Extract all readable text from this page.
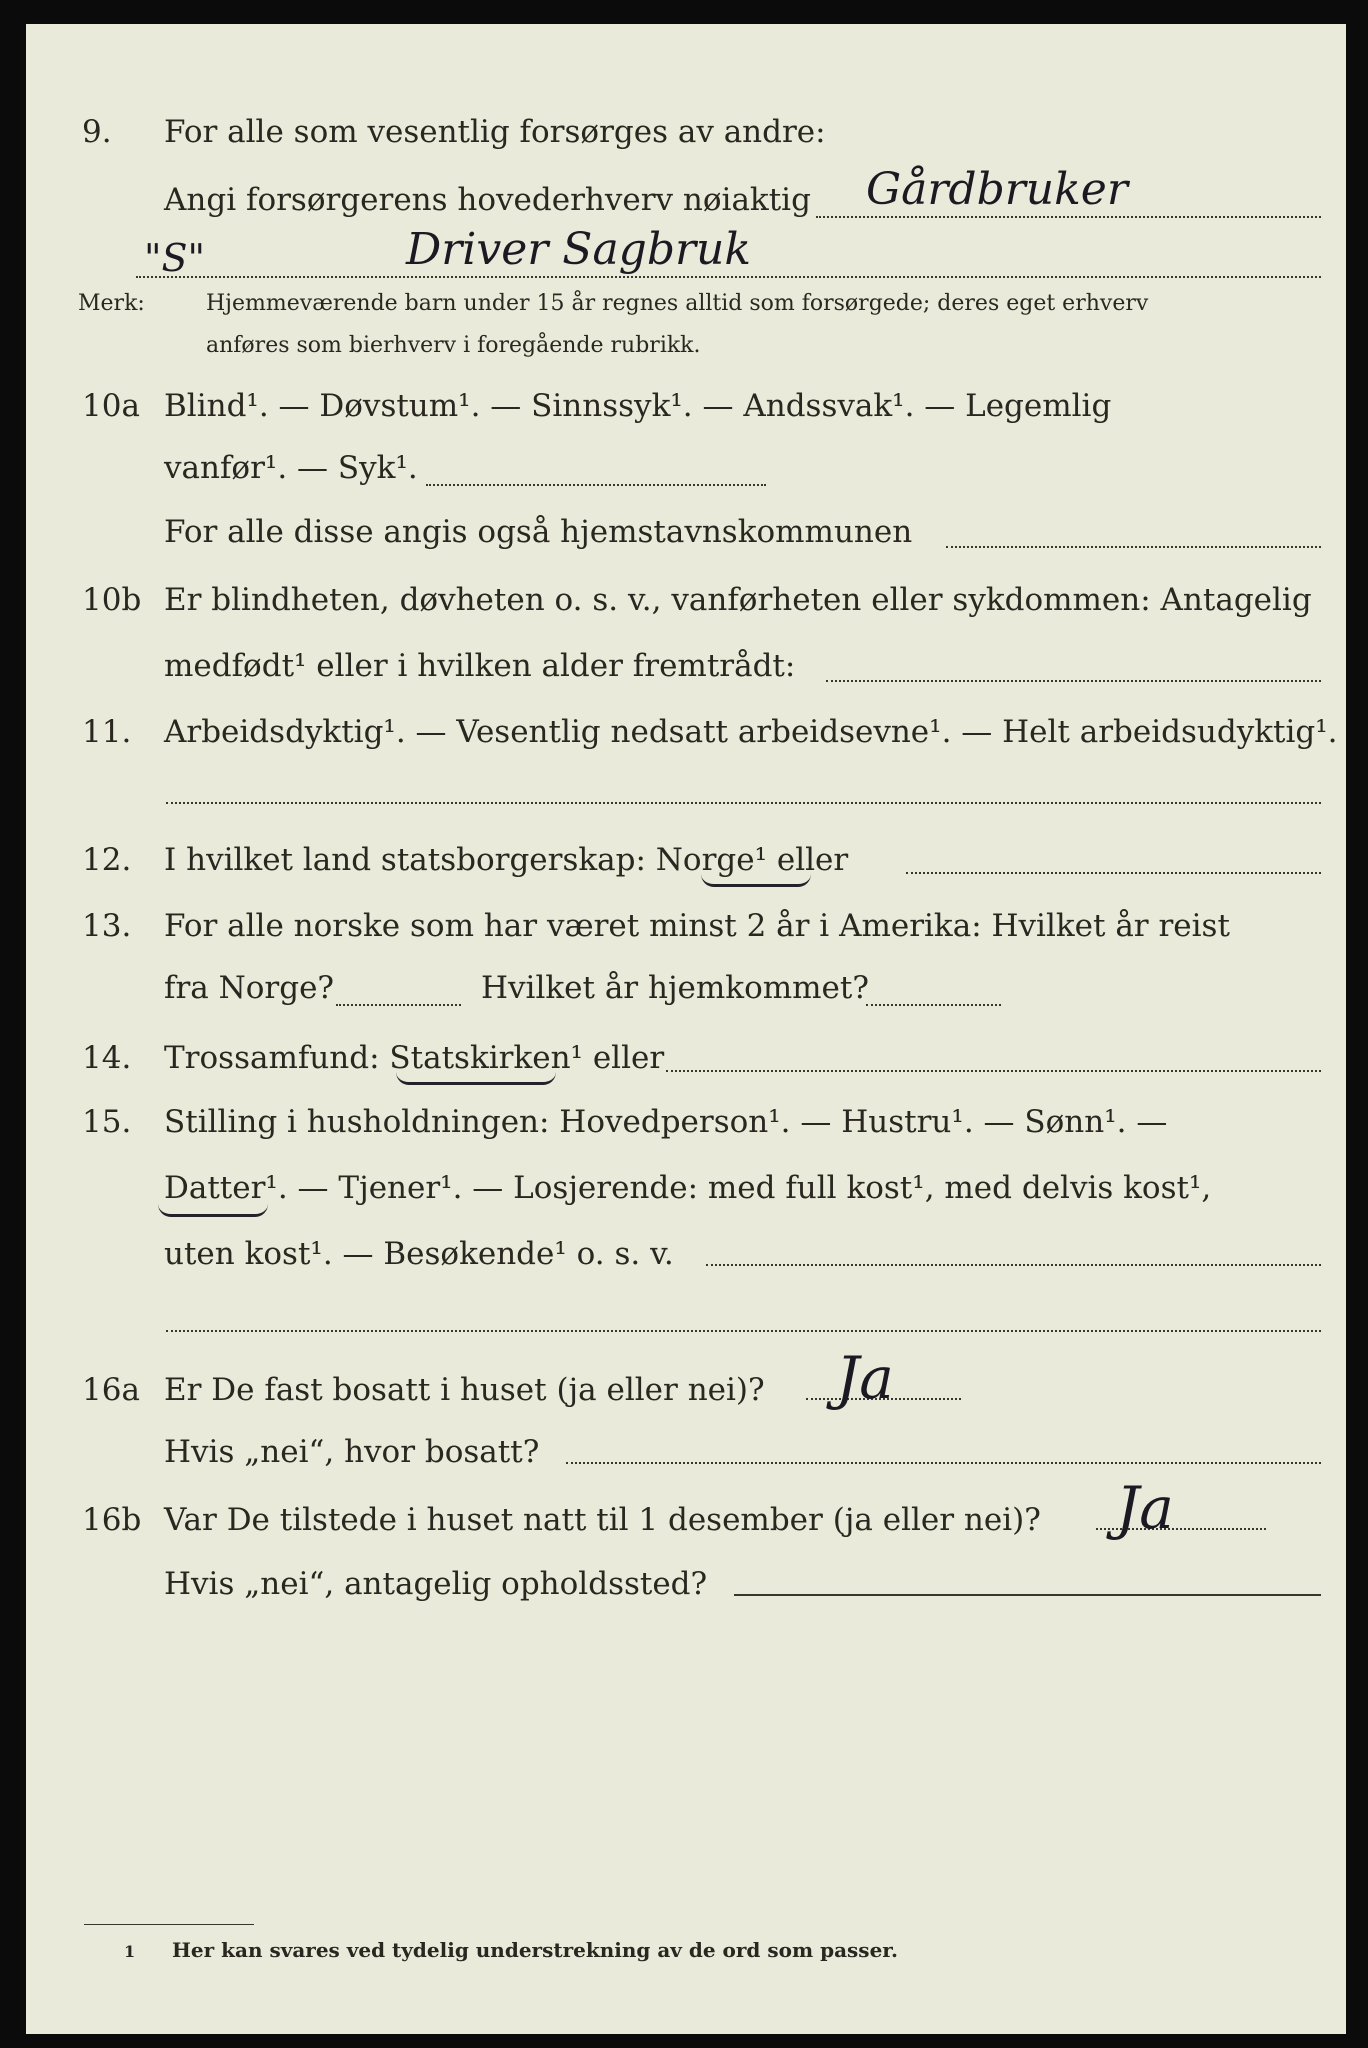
9. For alle som vesentlig forsørges av andre:
Angi forsørgerens hovederhverv nøiaktig Gårdbruker
"S"	Driver Sagbruk
Merk:	Hjemmeværende barn under 15 år regnes alltid som forsørgede; deres eget erhverv
anføres som bierhverv i foregående rubrikk.
10a Blind¹. — Døvstum¹. — Sinnssyk¹. — Andssvak¹. — Legemlig
vanfør¹. — Syk¹.
For alle disse angis også hjemstavnskommunen
10b Er blindheten, døvheten o. s. v., vanførheten eller sykdommen: Antagelig
medfødt¹ eller i hvilken alder fremtrådt:
11. Arbeidsdyktig¹. — Vesentlig nedsatt arbeidsevne¹. — Helt arbeidsudyktig¹.
12. I hvilket land statsborgerskap: Norge¹ eller
13. For alle norske som har været minst 2 år i Amerika: Hvilket år reist
fra Norge?	Hvilket år hjemkommet?
14. Trossamfund: Statskirken¹ eller
15. Stilling i husholdningen: Hovedperson¹. — Hustru¹. — Sønn¹. —
Datter¹. — Tjener¹. — Losjerende: med full kost¹, med delvis kost¹,
uten kost¹. — Besøkende¹ o. s. v.
16a Er De fast bosatt i huset (ja eller nei)? Ja
Hvis „nei“, hvor bosatt?
16b Var De tilstede i huset natt til 1 desember (ja eller nei)? Ja
Hvis „nei“, antagelig opholdssted?
1 Her kan svares ved tydelig understrekning av de ord som passer.
